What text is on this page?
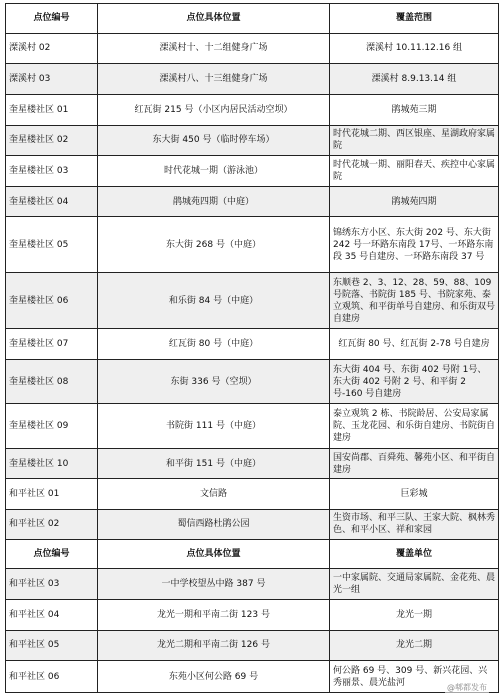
点位编号	点位具体位置	覆盖范围
溧溪村 02	溧溪村十、十二组健身广场	溧溪村 10.11.12.16 组
溧溪村 03	溧溪村八、十三组健身广场	溧溪村 8.9.13.14 组
奎星楼社区 01	红瓦街 215 号（小区内居民活动空坝）	鹃城苑三期
奎星楼社区 02	东大街 450 号（临时停车场）	时代花城二期、西区银座、星湖政府家属院
奎星楼社区 03	时代花城一期（游泳池）	时代花城一期、丽阳春天、疾控中心家属院
奎星楼社区 04	鹃城苑四期（中庭）	鹃城苑四期
奎星楼社区 05	东大街 268 号（中庭）	锦绣东方小区、东大街 202 号、东大街 242 号一环路东南段 17号、一环路东南段 35 号自建房、一环路东南段 37 号
奎星楼社区 06	和乐街 84 号（中庭）	东顺巷 2、3、12、28、59、88、109 号院落、书院街 185 号、书院家苑、泰立观筑、和平街单号自建房、和乐街双号自建房
奎星楼社区 07	红瓦街 80 号（中庭）	红瓦街 80 号、红瓦街 2-78 号自建房
奎星楼社区 08	东街 336 号（空坝）	东大街 404 号、东街 402 号附 1号、东大街 402 号附 2 号、和平街 2 号-160 号自建房
奎星楼社区 09	书院街 111 号（中庭）	泰立观筑 2 栋、书院龄居、公安局家属院、玉龙花园、和乐街自建房、书院街自建房
奎星楼社区 10	和平街 151 号（中庭）	国安尚郡、百舜苑、馨苑小区、和平街自建房
和平社区 01	文信路	巨彩城
和平社区 02	蜀信西路杜鹃公园	生资市场、和平三队、王家大院、枫林秀色、和平小区、祥和家园
点位编号	点位具体位置	覆盖单位
和平社区 03	一中学校望丛中路 387 号	一中家属院、交通局家属院、金花苑、晨光一组
和平社区 04	龙光一期和平南二街 123 号	龙光一期
和平社区 05	龙光二期和平南二街 126 号	龙光二期
和平社区 06	东苑小区何公路 69 号	何公路 69 号、309 号、新兴花园、兴秀丽景、晨光盐河	@郫都发布
